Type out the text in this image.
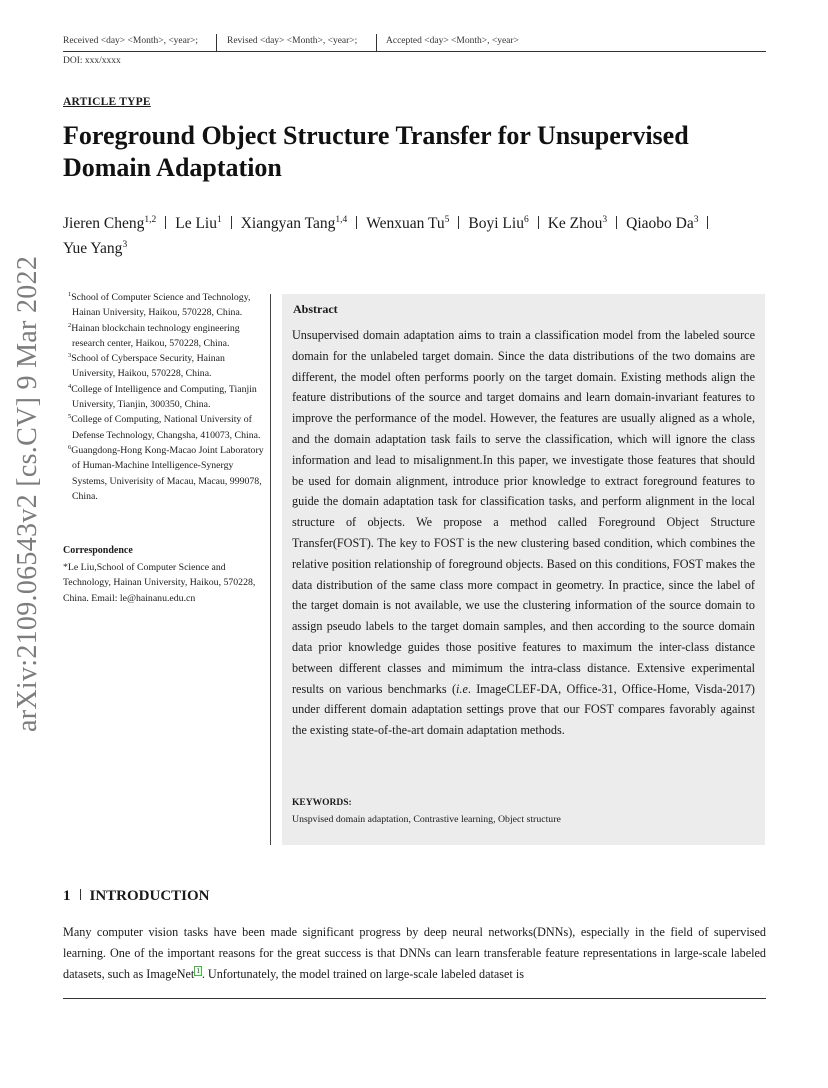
Received <day> <Month>, <year>;	Revised <day> <Month>, <year>;	Accepted <day> <Month>, <year>
DOI: xxx/xxxx
ARTICLE TYPE
Foreground Object Structure Transfer for Unsupervised Domain Adaptation
Jieren Cheng$^{1,2}$ Le Liu$^1$ Xiangyan Tang$^{1,4}$ Wenxuan Tu$^5$ Boyi Liu$^6$ Ke Zhou$^3$ Qiaobo Da$^3$Yue Yang$^3$
arXiv:2109.06543v2 [cs.CV] 9 Mar 2022	$^1$School of Computer Science and Technology, Hainan University, Haikou, 570228, China.
$^2$Hainan blockchain technology engineering research center, Haikou, 570228, China.
$^3$School of Cyberspace Security, Hainan University, Haikou, 570228, China.
$^4$College of Intelligence and Computing, Tianjin University, Tianjin, 300350, China.
$^5$College of Computing, National University of Defense Technology, Changsha, 410073, China.
$^6$Guangdong-Hong Kong-Macao Joint Laboratory of Human-Machine Intelligence-Synergy Systems, Univerisity of Macau, Macau, 999078, China.
Correspondence
*Le Liu,School of Computer Science and Technology, Hainan University, Haikou, 570228, China. Email: le@hainanu.edu.cn
Abstract
Unsupervised domain adaptation aims to train a classification model from the labeled source domain for the unlabeled target domain. Since the data distributions of the two domains are different, the model often performs poorly on the target domain. Existing methods align the feature distributions of the source and target domains and learn domain-invariant features to improve the performance of the model. However, the features are usually aligned as a whole, and the domain adaptation task fails to serve the classification, which will ignore the class information and lead to misalignment.In this paper, we investigate those features that should be used for domain alignment, introduce prior knowledge to extract foreground features to guide the domain adaptation task for classification tasks, and perform alignment in the local structure of objects. We propose a method called Foreground Object Structure Transfer(FOST). The key to FOST is the new clustering based condition, which combines the relative position relationship of foreground objects. Based on this conditions, FOST makes the data distribution of the same class more compact in geometry. In practice, since the label of the target domain is not available, we use the clustering information of the source domain to assign pseudo labels to the target domain samples, and then according to the source domain data prior knowledge guides those positive features to maximum the inter-class distance between different classes and mimimum the intra-class distance. Extensive experimental results on various benchmarks (i.e. ImageCLEF-DA, Office-31, Office-Home, Visda-2017) under different domain adaptation settings prove that our FOST compares favorably against the existing state-of-the-art domain adaptation methods.
KEYWORDS:
Unspvised domain adaptation, Contrastive learning, Object structure
1 INTRODUCTION
Many computer vision tasks have been made significant progress by deep neural networks(DNNs), especially in the field of supervised learning. One of the important reasons for the great success is that DNNs can learn transferable feature representations in large-scale labeled datasets, such as ImageNet 1 . Unfortunately, the model trained on large-scale labeled dataset is
